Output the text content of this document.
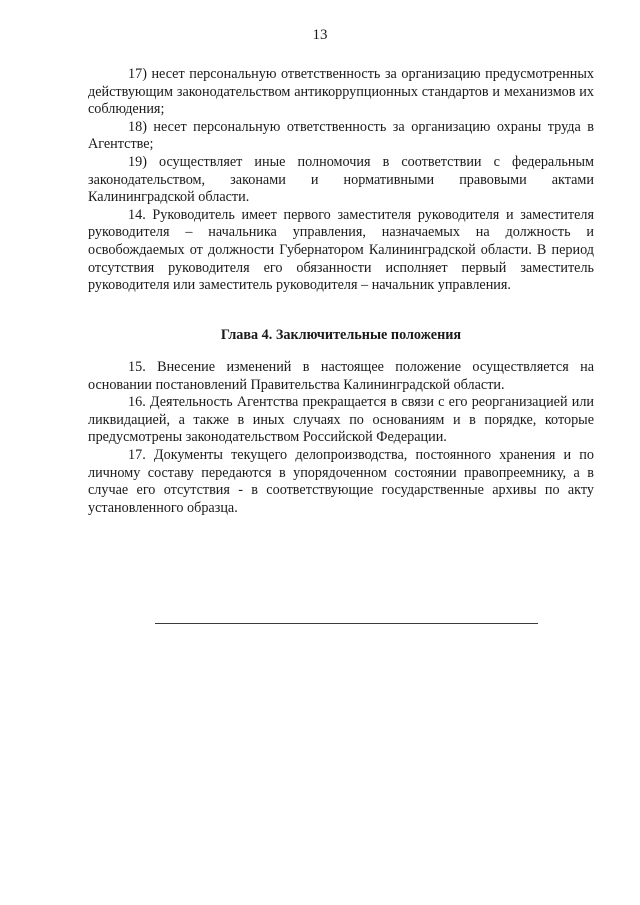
13

17) несет персональную ответственность за организацию предусмотренных действующим законодательством антикоррупционных стандартов и механизмов их соблюдения;

18) несет персональную ответственность за организацию охраны труда в Агентстве;

19) осуществляет иные полномочия в соответствии с федеральным законодательством, законами и нормативными правовыми актами Калининградской области.

14. Руководитель имеет первого заместителя руководителя и заместителя руководителя – начальника управления, назначаемых на должность и освобождаемых от должности Губернатором Калининградской области. В период отсутствия руководителя его обязанности исполняет первый заместитель руководителя или заместитель руководителя – начальник управления.

Глава 4. Заключительные положения

15. Внесение изменений в настоящее положение осуществляется на основании постановлений Правительства Калининградской области.

16. Деятельность Агентства прекращается в связи с его реорганизацией или ликвидацией, а также в иных случаях по основаниям и в порядке, которые предусмотрены законодательством Российской Федерации.

17. Документы текущего делопроизводства, постоянного хранения и по личному составу передаются в упорядоченном состоянии правопреемнику, а в случае его отсутствия - в соответствующие государственные архивы по акту установленного образца.
